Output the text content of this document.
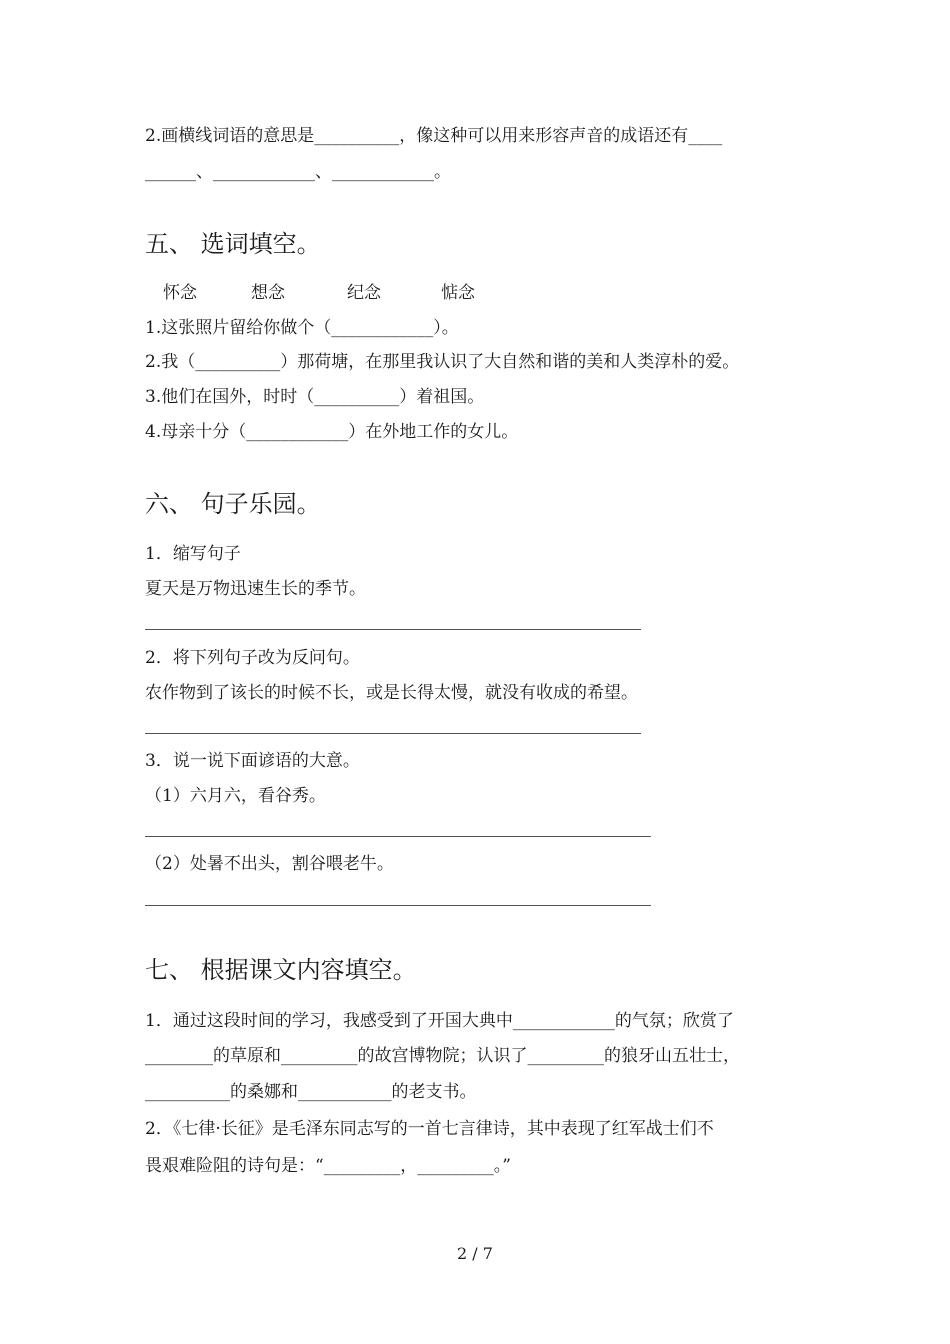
2.画横线词语的意思是__________，像这种可以用来形容声音的成语还有____
______、____________、____________。
五、 选词填空。
怀念	想念	纪念	惦念
1.这张照片留给你做个（____________）。
2.我（__________）那荷塘，在那里我认识了大自然和谐的美和人类淳朴的爱。
3.他们在国外，时时（__________）着祖国。
4.母亲十分（____________）在外地工作的女儿。
六、 句子乐园。
1．缩写句子
夏天是万物迅速生长的季节。
2．将下列句子改为反问句。
农作物到了该长的时候不长，或是长得太慢，就没有收成的希望。
3．说一说下面谚语的大意。
（1）六月六，看谷秀。
（2）处暑不出头，割谷喂老牛。
七、 根据课文内容填空。
1．通过这段时间的学习，我感受到了开国大典中____________的气氛；欣赏了
________的草原和_________的故宫博物院；认识了_________的狼牙山五壮士，
__________的桑娜和___________的老支书。
2．《七律·长征》是毛泽东同志写的一首七言律诗，其中表现了红军战士们不
畏艰难险阻的诗句是：“_________，_________。”
2 / 7
